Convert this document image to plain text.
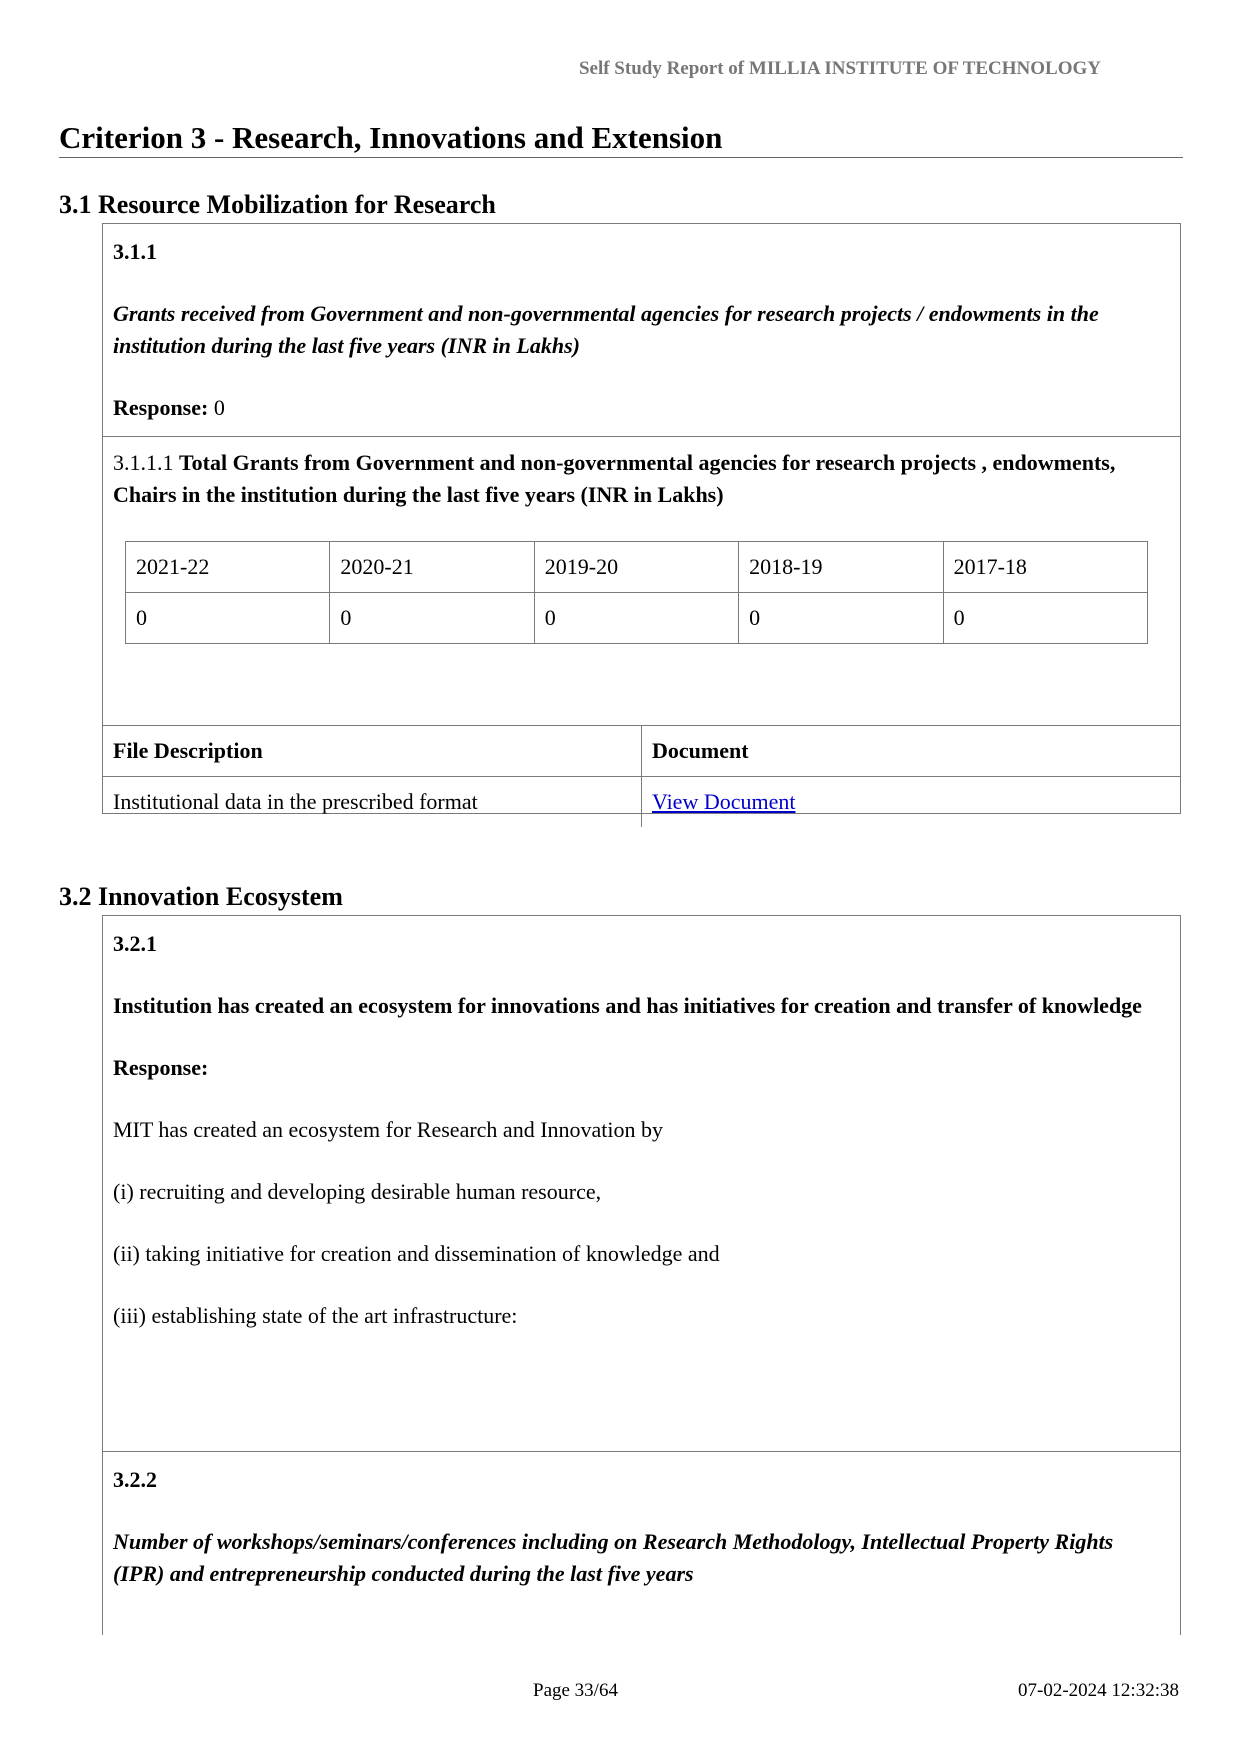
Self Study Report of MILLIA INSTITUTE OF TECHNOLOGY
Criterion 3 - Research, Innovations and Extension
3.1 Resource Mobilization for Research

3.1.1

Grants received from Government and non-governmental agencies for research projects / endowments in the institution during the last five years (INR in Lakhs)

Response: 0

3.1.1.1 Total Grants from Government and non-governmental agencies for research projects , endowments, Chairs in the institution during the last five years (INR in Lakhs)

2021-22	2020-21	2019-20	2018-19	2017-18
0	0	0	0	0
File Description	Document
Institutional data in the prescribed format	View Document
3.2 Innovation Ecosystem

3.2.1

Institution has created an ecosystem for innovations and has initiatives for creation and transfer of knowledge

Response:

MIT has created an ecosystem for Research and Innovation by

(i) recruiting and developing desirable human resource,

(ii) taking initiative for creation and dissemination of knowledge and

(iii) establishing state of the art infrastructure:

3.2.2

Number of workshops/seminars/conferences including on Research Methodology, Intellectual Property Rights (IPR) and entrepreneurship conducted during the last five years

Page 33/64	07-02-2024 12:32:38
